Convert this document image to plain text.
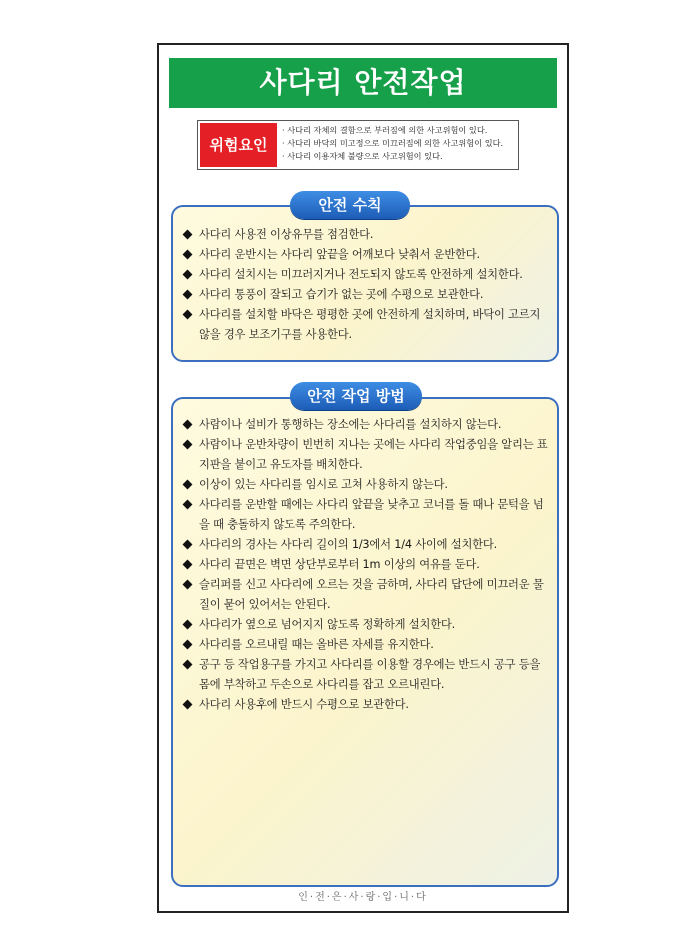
사다리 안전작업
위험요인
· 사다리 자체의 결함으로 부러짐에 의한 사고위험이 있다.
· 사다리 바닥의 미고정으로 미끄러짐에 의한 사고위험이 있다.
· 사다리 이용자체 불량으로 사고위험이 있다.
사다리 사용전 이상유무를 점검한다.
사다리 운반시는 사다리 앞끝을 어깨보다 낮춰서 운반한다.
사다리 설치시는 미끄러지거나 전도되지 않도록 안전하게 설치한다.
사다리 통풍이 잘되고 습기가 없는 곳에 수평으로 보관한다.
사다리를 설치할 바닥은 평평한 곳에 안전하게 설치하며, 바닥이 고르지 않을 경우 보조기구를 사용한다.
안전 수칙
사람이나 설비가 통행하는 장소에는 사다리를 설치하지 않는다.
사람이나 운반차량이 빈번히 지나는 곳에는 사다리 작업중임을 알리는 표지판을 붙이고 유도자를 배치한다.
이상이 있는 사다리를 임시로 고쳐 사용하지 않는다.
사다리를 운반할 때에는 사다리 앞끝을 낮추고 코너를 돌 때나 문턱을 넘을 때 충돌하지 않도록 주의한다.
사다리의 경사는 사다리 길이의 1/3에서 1/4 사이에 설치한다.
사다리 끝면은 벽면 상단부로부터 1m 이상의 여유를 둔다.
슬리퍼를 신고 사다리에 오르는 것을 금하며, 사다리 답단에 미끄러운 물질이 묻어 있어서는 안된다.
사다리가 옆으로 넘어지지 않도록 정확하게 설치한다.
사다리를 오르내릴 때는 올바른 자세를 유지한다.
공구 등 작업용구를 가지고 사다리를 이용할 경우에는 반드시 공구 등을 몸에 부착하고 두손으로 사다리를 잡고 오르내린다.
사다리 사용후에 반드시 수평으로 보관한다.
안전 작업 방법
인·전·은·사·랑·입·니·다
